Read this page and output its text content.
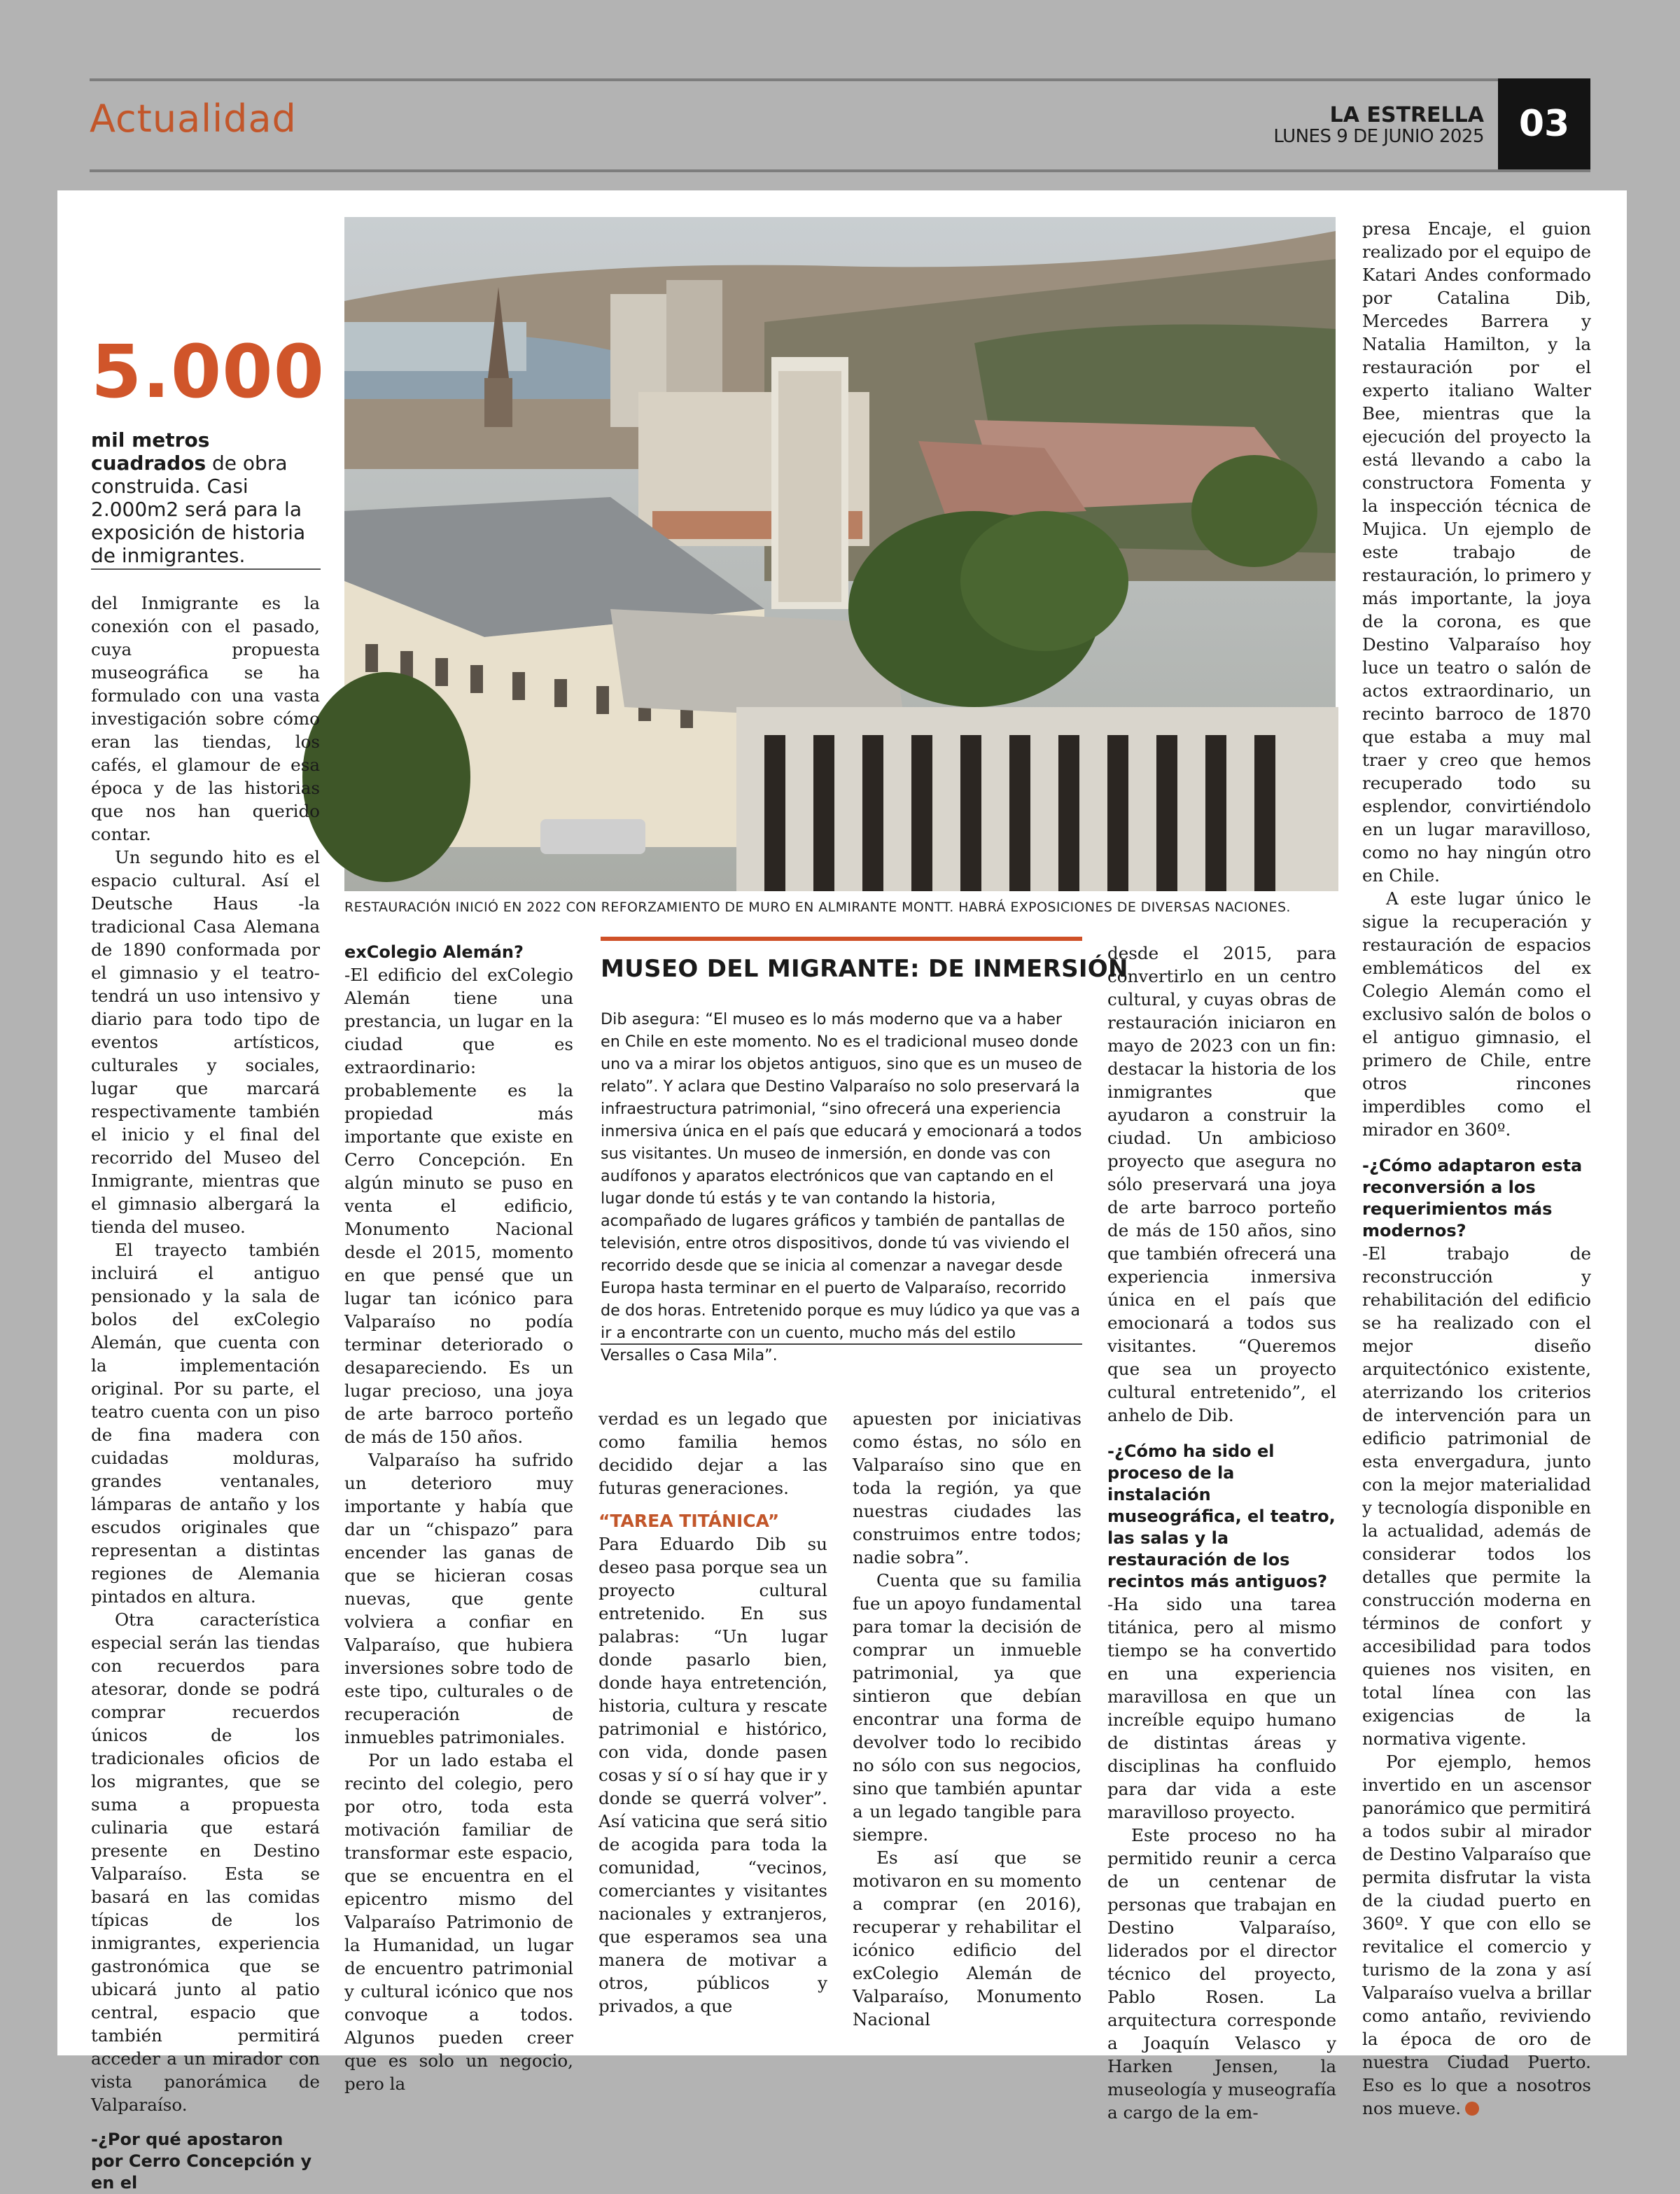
Actualidad	LA ESTRELLA
LUNES 9 DE JUNIO 2025 03
5.000
mil metros cuadrados de obra construida. Casi 2.000m2 será para la exposición de historia de inmigrantes.
RESTAURACIÓN INICIÓ EN 2022 CON REFORZAMIENTO DE MURO EN ALMIRANTE MONTT. HABRÁ EXPOSICIONES DE DIVERSAS NACIONES.
MUSEO DEL MIGRANTE: DE INMERSIÓN
Dib asegura: “El museo es lo más moderno que va a haber en Chile en este momento. No es el tradicional museo donde uno va a mirar los objetos antiguos, sino que es un museo de relato”. Y aclara que Destino Valparaíso no solo preservará la infraestructura patrimonial, “sino ofrecerá una experiencia inmersiva única en el país que educará y emocionará a todos sus visitantes. Un museo de inmersión, en donde vas con audífonos y aparatos electrónicos que van captando en el lugar donde tú estás y te van contando la historia, acompañado de lugares gráficos y también de pantallas de televisión, entre otros dispositivos, donde tú vas viviendo el recorrido desde que se inicia al comenzar a navegar desde Europa hasta terminar en el puerto de Valparaíso, recorrido de dos horas. Entretenido porque es muy lúdico ya que vas a ir a encontrarte con un cuento, mucho más del estilo Versalles o Casa Mila”.

del Inmigrante es la conexión con el pasado, cuya propuesta museográfica se ha formulado con una vasta investigación sobre cómo eran las tiendas, los cafés, el glamour de esa época y de las historias que nos han querido contar.

Un segundo hito es el espacio cultural. Así el Deutsche Haus -la tradicional Casa Alemana de 1890 conformada por el gimnasio y el teatro- tendrá un uso intensivo y diario para todo tipo de eventos artísticos, culturales y sociales, lugar que marcará respectivamente también el inicio y el final del recorrido del Museo del Inmigrante, mientras que el gimnasio albergará la tienda del museo.

El trayecto también incluirá el antiguo pensionado y la sala de bolos del exColegio Alemán, que cuenta con la implementación original. Por su parte, el teatro cuenta con un piso de fina madera con cuidadas molduras, grandes ventanales, lámparas de antaño y los escudos originales que representan a distintas regiones de Alemania pintados en altura.

Otra característica especial serán las tiendas con recuerdos para atesorar, donde se podrá comprar recuerdos únicos de los tradicionales oficios de los migrantes, que se suma a propuesta culinaria que estará presente en Destino Valparaíso. Esta se basará en las comidas típicas de los inmigrantes, experiencia gastronómica que se ubicará junto al patio central, espacio que también permitirá acceder a un mirador con vista panorámica de Valparaíso.

-¿Por qué apostaron por Cerro Concepción y en el
exColegio Alemán?

-El edificio del exColegio Alemán tiene una prestancia, un lugar en la ciudad que es extraordinario: probablemente es la propiedad más importante que existe en Cerro Concepción. En algún minuto se puso en venta el edificio, Monumento Nacional desde el 2015, momento en que pensé que un lugar tan icónico para Valparaíso no podía terminar deteriorado o desapareciendo. Es un lugar precioso, una joya de arte barroco porteño de más de 150 años.

Valparaíso ha sufrido un deterioro muy importante y había que dar un “chispazo” para encender las ganas de que se hicieran cosas nuevas, que gente volviera a confiar en Valparaíso, que hubiera inversiones sobre todo de este tipo, culturales o de recuperación de inmuebles patrimoniales.

Por un lado estaba el recinto del colegio, pero por otro, toda esta motivación familiar de transformar este espacio, que se encuentra en el epicentro mismo del Valparaíso Patrimonio de la Humanidad, un lugar de encuentro patrimonial y cultural icónico que nos convoque a todos. Algunos pueden creer que es solo un negocio, pero la

verdad es un legado que como familia hemos decidido dejar a las futuras generaciones.

“TAREA TITÁNICA”

Para Eduardo Dib su deseo pasa porque sea un proyecto cultural entretenido. En sus palabras: “Un lugar donde pasarlo bien, donde haya entretención, historia, cultura y rescate patrimonial e histórico, con vida, donde pasen cosas y sí o sí hay que ir y donde se querrá volver”. Así vaticina que será sitio de acogida para toda la comunidad, “vecinos, comerciantes y visitantes nacionales y extranjeros, que esperamos sea una manera de motivar a otros, públicos y privados, a que

apuesten por iniciativas como éstas, no sólo en Valparaíso sino que en toda la región, ya que nuestras ciudades las construimos entre todos; nadie sobra”.

Cuenta que su familia fue un apoyo fundamental para tomar la decisión de comprar un inmueble patrimonial, ya que sintieron que debían encontrar una forma de devolver todo lo recibido no sólo con sus negocios, sino que también apuntar a un legado tangible para siempre.

Es así que se motivaron en su momento a comprar (en 2016), recuperar y rehabilitar el icónico edificio del exColegio Alemán de Valparaíso, Monumento Nacional

desde el 2015, para convertirlo en un centro cultural, y cuyas obras de restauración iniciaron en mayo de 2023 con un fin: destacar la historia de los inmigrantes que ayudaron a construir la ciudad. Un ambicioso proyecto que asegura no sólo preservará una joya de arte barroco porteño de más de 150 años, sino que también ofrecerá una experiencia inmersiva única en el país que emocionará a todos sus visitantes. “Queremos que sea un proyecto cultural entretenido”, el anhelo de Dib.

-¿Cómo ha sido el proceso de la instalación museográfica, el teatro, las salas y la restauración de los recintos más antiguos?

-Ha sido una tarea titánica, pero al mismo tiempo se ha convertido en una experiencia maravillosa en que un increíble equipo humano de distintas áreas y disciplinas ha confluido para dar vida a este maravilloso proyecto.

Este proceso no ha permitido reunir a cerca de un centenar de personas que trabajan en Destino Valparaíso, liderados por el director técnico del proyecto, Pablo Rosen. La arquitectura corresponde a Joaquín Velasco y Harken Jensen, la museología y museografía a cargo de la em-

presa Encaje, el guion realizado por el equipo de Katari Andes conformado por Catalina Dib, Mercedes Barrera y Natalia Hamilton, y la restauración por el experto italiano Walter Bee, mientras que la ejecución del proyecto la está llevando a cabo la constructora Fomenta y la inspección técnica de Mujica. Un ejemplo de este trabajo de restauración, lo primero y más importante, la joya de la corona, es que Destino Valparaíso hoy luce un teatro o salón de actos extraordinario, un recinto barroco de 1870 que estaba a muy mal traer y creo que hemos recuperado todo su esplendor, convirtiéndolo en un lugar maravilloso, como no hay ningún otro en Chile.

A este lugar único le sigue la recuperación y restauración de espacios emblemáticos del ex Colegio Alemán como el exclusivo salón de bolos o el antiguo gimnasio, el primero de Chile, entre otros rincones imperdibles como el mirador en 360º.

-¿Cómo adaptaron esta reconversión a los requerimientos más modernos?

-El trabajo de reconstrucción y rehabilitación del edificio se ha realizado con el mejor diseño arquitectónico existente, aterrizando los criterios de intervención para un edificio patrimonial de esta envergadura, junto con la mejor materialidad y tecnología disponible en la actualidad, además de considerar todos los detalles que permite la construcción moderna en términos de confort y accesibilidad para todos quienes nos visiten, en total línea con las exigencias de la normativa vigente.

Por ejemplo, hemos invertido en un ascensor panorámico que permitirá a todos subir al mirador de Destino Valparaíso que permita disfrutar la vista de la ciudad puerto en 360º. Y que con ello se revitalice el comercio y turismo de la zona y así Valparaíso vuelva a brillar como antaño, reviviendo la época de oro de nuestra Ciudad Puerto. Eso es lo que a nosotros nos mueve.
